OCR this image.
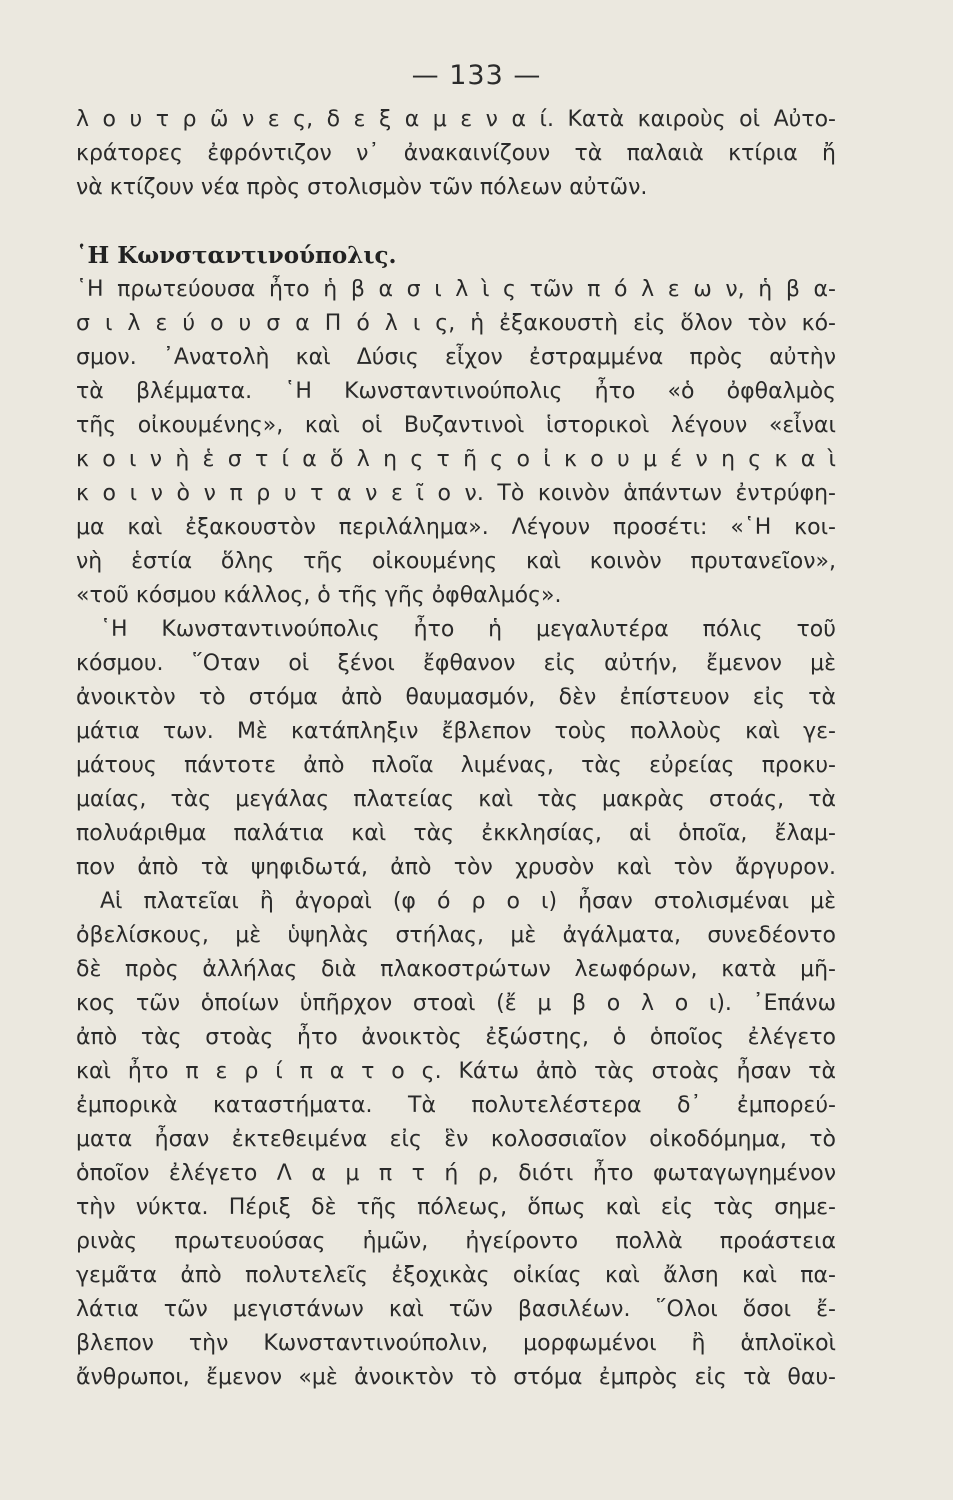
— 133 —
λ ο υ τ ρ ῶ ν ε ς, δ ε ξ α μ ε ν α ί. Κατὰ καιροὺς οἱ Αὐτο-
κράτορες ἐφρόντιζον ν᾽ ἀνακαινίζουν τὰ παλαιὰ κτίρια ἤ
νὰ κτίζουν νέα πρὸς στολισμὸν τῶν πόλεων αὐτῶν.
῾Η Κωνσταντινούπολις.
῾Η πρωτεύουσα ἦτο ἡ β α σ ι λ ὶ ς τῶν π ό λ ε ω ν, ἡ β α-
σ ι λ ε ύ ο υ σ α Π ό λ ι ς, ἡ ἐξακουστὴ εἰς ὅλον τὸν κό-
σμον. ᾽Ανατολὴ καὶ Δύσις εἶχον ἐστραμμένα πρὸς αὐτὴν
τὰ βλέμματα. ῾Η Κωνσταντινούπολις ἦτο «ὁ ὀφθαλμὸς
τῆς οἰκουμένης», καὶ οἱ Βυζαντινοὶ ἱστορικοὶ λέγουν «εἶναι
κ ο ι ν ὴ ἑ σ τ ί α ὅ λ η ς τ ῆ ς ο ἰ κ ο υ μ έ ν η ς κ α ὶ
κ ο ι ν ὸ ν π ρ υ τ α ν ε ῖ ο ν. Τὸ κοινὸν ἁπάντων ἐντρύφη-
μα καὶ ἐξακουστὸν περιλάλημα». Λέγουν προσέτι: «῾Η κοι-
νὴ ἑστία ὅλης τῆς οἰκουμένης καὶ κοινὸν πρυτανεῖον»,
«τοῦ κόσμου κάλλος, ὁ τῆς γῆς ὀφθαλμός».
῾Η Κωνσταντινούπολις ἦτο ἡ μεγαλυτέρα πόλις τοῦ
κόσμου. ῞Οταν οἱ ξένοι ἔφθανον εἰς αὐτήν, ἔμενον μὲ
ἀνοικτὸν τὸ στόμα ἀπὸ θαυμασμόν, δὲν ἐπίστευον εἰς τὰ
μάτια των. Μὲ κατάπληξιν ἔβλεπον τοὺς πολλοὺς καὶ γε-
μάτους πάντοτε ἀπὸ πλοῖα λιμένας, τὰς εὐρείας προκυ-
μαίας, τὰς μεγάλας πλατείας καὶ τὰς μακρὰς στοάς, τὰ
πολυάριθμα παλάτια καὶ τὰς ἐκκλησίας, αἱ ὁποῖα, ἔλαμ-
πον ἀπὸ τὰ ψηφιδωτά, ἀπὸ τὸν χρυσὸν καὶ τὸν ἄργυρον.
Αἱ πλατεῖαι ἢ ἀγοραὶ (φ ό ρ ο ι) ἦσαν στολισμέναι μὲ
ὀβελίσκους, μὲ ὑψηλὰς στήλας, μὲ ἀγάλματα, συνεδέοντο
δὲ πρὸς ἀλλήλας διὰ πλακοστρώτων λεωφόρων, κατὰ μῆ-
κος τῶν ὁποίων ὑπῆρχον στοαὶ (ἔ μ β ο λ ο ι). ᾽Επάνω
ἀπὸ τὰς στοὰς ἦτο ἀνοικτὸς ἐξώστης, ὁ ὁποῖος ἐλέγετο
καὶ ἦτο π ε ρ ί π α τ ο ς. Κάτω ἀπὸ τὰς στοὰς ἦσαν τὰ
ἐμπορικὰ καταστήματα. Τὰ πολυτελέστερα δ᾽ ἐμπορεύ-
ματα ἦσαν ἐκτεθειμένα εἰς ἓν κολοσσιαῖον οἰκοδόμημα, τὸ
ὁποῖον ἐλέγετο Λ α μ π τ ή ρ, διότι ἦτο φωταγωγημένον
τὴν νύκτα. Πέριξ δὲ τῆς πόλεως, ὅπως καὶ εἰς τὰς σημε-
ρινὰς πρωτευούσας ἡμῶν, ἠγείροντο πολλὰ προάστεια
γεμᾶτα ἀπὸ πολυτελεῖς ἐξοχικὰς οἰκίας καὶ ἄλση καὶ πα-
λάτια τῶν μεγιστάνων καὶ τῶν βασιλέων. ῞Ολοι ὅσοι ἔ-
βλεπον τὴν Κωνσταντινούπολιν, μορφωμένοι ἢ ἁπλοϊκοὶ
ἄνθρωποι, ἔμενον «μὲ ἀνοικτὸν τὸ στόμα ἐμπρὸς εἰς τὰ θαυ-
